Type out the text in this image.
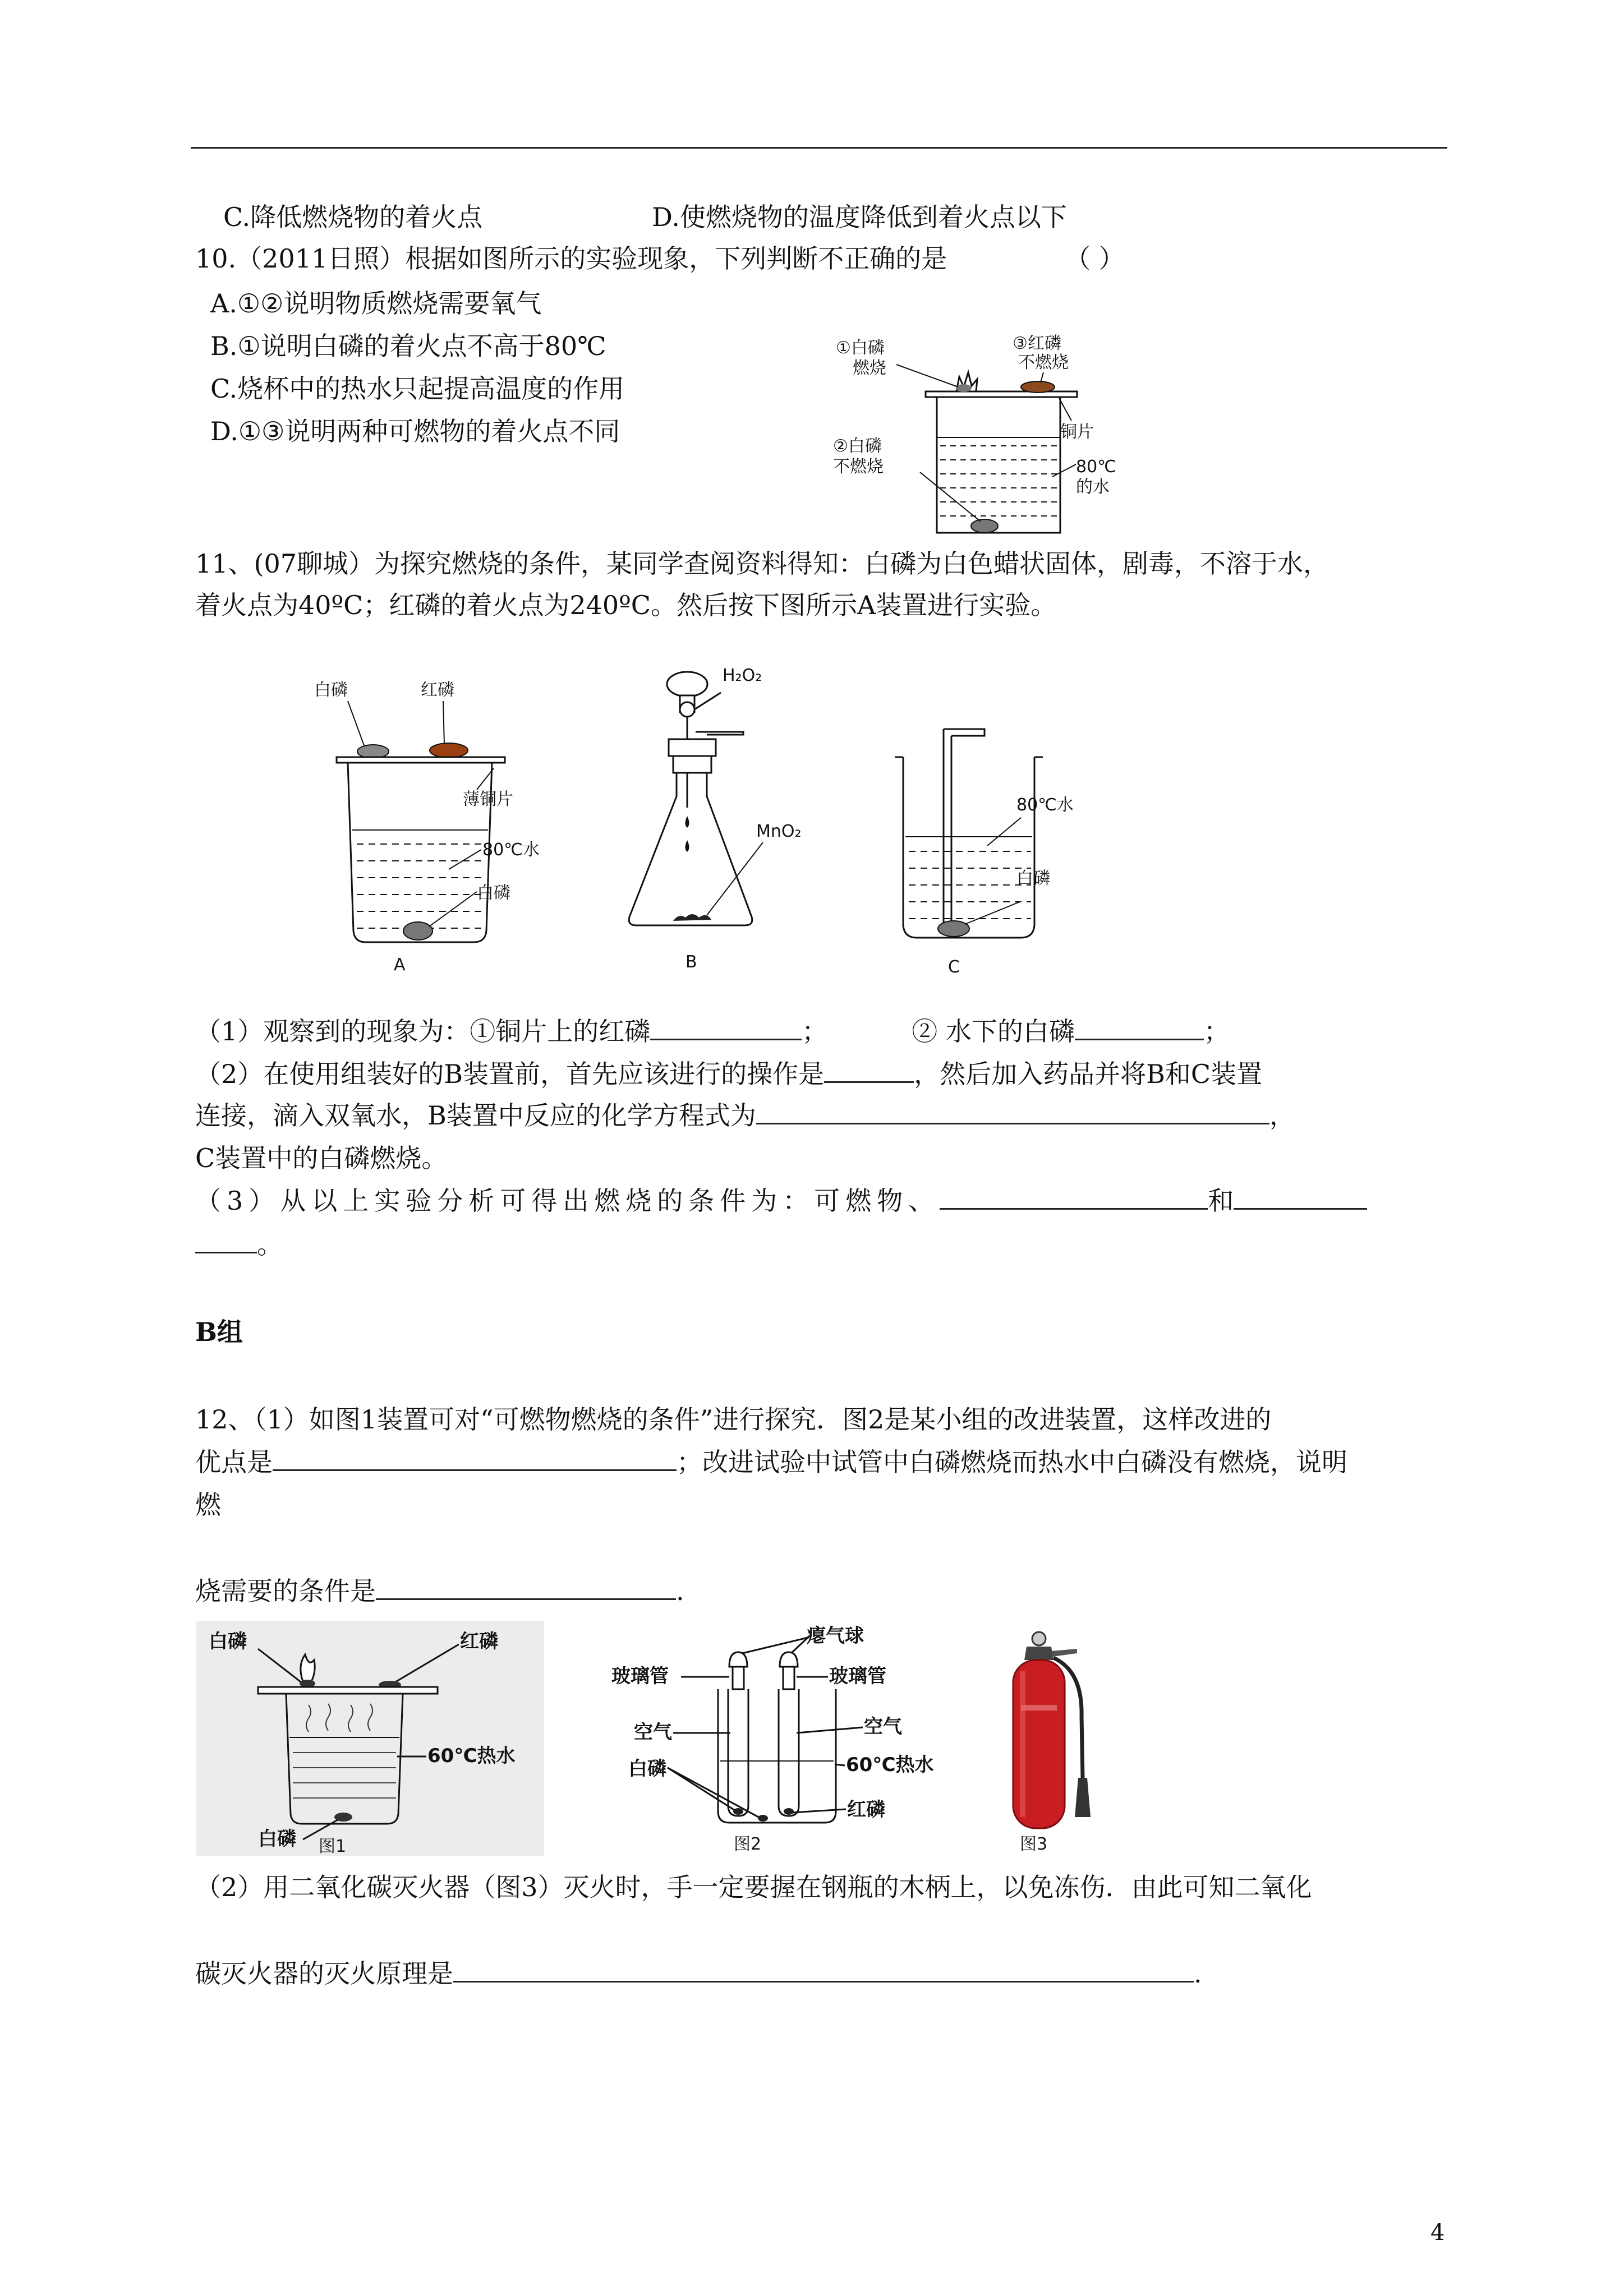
C.降低燃烧物的着火点	D.使燃烧物的温度降低到着火点以下
10.（2011日照）根据如图所示的实验现象，下列判断不正确的是	（ ）
A.①②说明物质燃烧需要氧气
B.①说明白磷的着火点不高于80℃
C.烧杯中的热水只起提高温度的作用
D.①③说明两种可燃物的着火点不同
①白磷
燃烧
③红磷
不燃烧
铜片
②白磷
不燃烧	80℃
的水
11、(07聊城）为探究燃烧的条件，某同学查阅资料得知：白磷为白色蜡状固体，剧毒，不溶于水，
着火点为40ºC；红磷的着火点为240ºC。然后按下图所示A装置进行实验。
白磷	红磷
薄铜片
80℃水
白磷
A
H₂O₂
MnO₂
B
80℃水
白磷
C
（1）观察到的现象为：①铜片上的红磷	；	② 水下的白磷	；
（2）在使用组装好的B装置前，首先应该进行的操作是	，然后加入药品并将B和C装置
连接，滴入双氧水，B装置中反应的化学方程式为	，
C装置中的白磷燃烧。
（3）从以上实验分析可得出燃烧的条件为：可燃物、	和
。
B组
12、（1）如图1装置可对“可燃物燃烧的条件”进行探究．图2是某小组的改进装置，这样改进的
优点是	；改进试验中试管中白磷燃烧而热水中白磷没有燃烧，说明
燃
烧需要的条件是	.
白磷	红磷
60℃热水
白磷 图1
瘪气球
玻璃管	玻璃管
空气	空气
白磷	60℃热水
红磷
图2	图3
（2）用二氧化碳灭火器（图3）灭火时，手一定要握在钢瓶的木柄上，以免冻伤．由此可知二氧化
碳灭火器的灭火原理是	.
4
